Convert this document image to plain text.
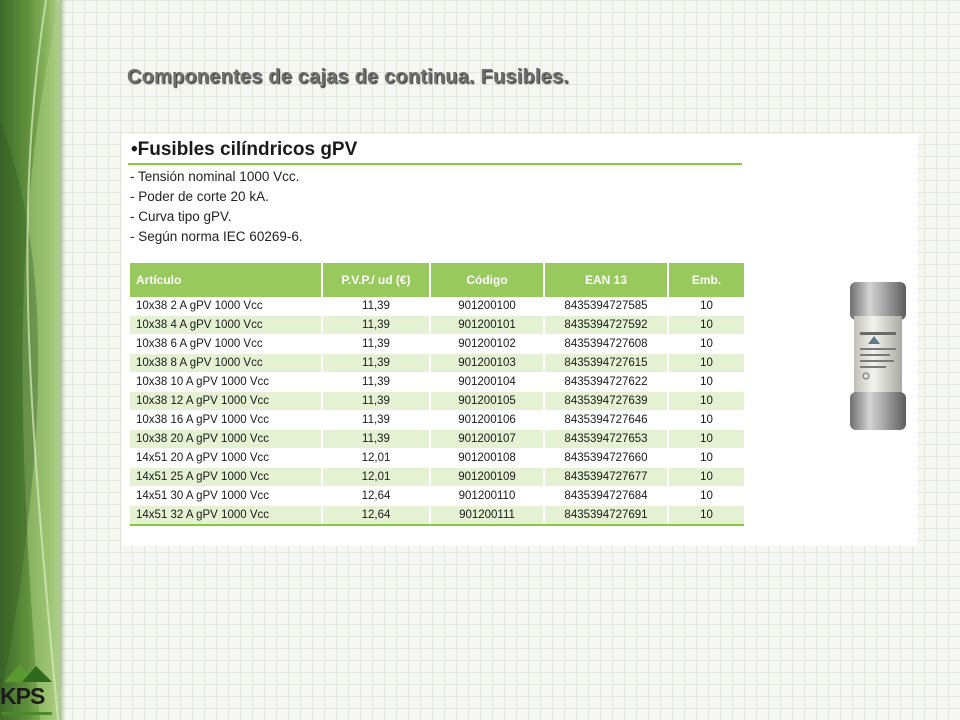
KPS
Componentes de cajas de continua. Fusibles.
•Fusibles cilíndricos gPV
- Tensión nominal 1000 Vcc.
- Poder de corte 20 kA.
- Curva tipo gPV.
- Según norma IEC 60269-6.
Artículo	P.V.P./ ud (€)	Código	EAN 13	Emb.
10x38 2 A gPV 1000 Vcc	11,39	901200100	8435394727585	10
10x38 4 A gPV 1000 Vcc	11,39	901200101	8435394727592	10
10x38 6 A gPV 1000 Vcc	11,39	901200102	8435394727608	10
10x38 8 A gPV 1000 Vcc	11,39	901200103	8435394727615	10
10x38 10 A gPV 1000 Vcc	11,39	901200104	8435394727622	10
10x38 12 A gPV 1000 Vcc	11,39	901200105	8435394727639	10
10x38 16 A gPV 1000 Vcc	11,39	901200106	8435394727646	10
10x38 20 A gPV 1000 Vcc	11,39	901200107	8435394727653	10
14x51 20 A gPV 1000 Vcc	12,01	901200108	8435394727660	10
14x51 25 A gPV 1000 Vcc	12,01	901200109	8435394727677	10
14x51 30 A gPV 1000 Vcc	12,64	901200110	8435394727684	10
14x51 32 A gPV 1000 Vcc	12,64	901200111	8435394727691	10
